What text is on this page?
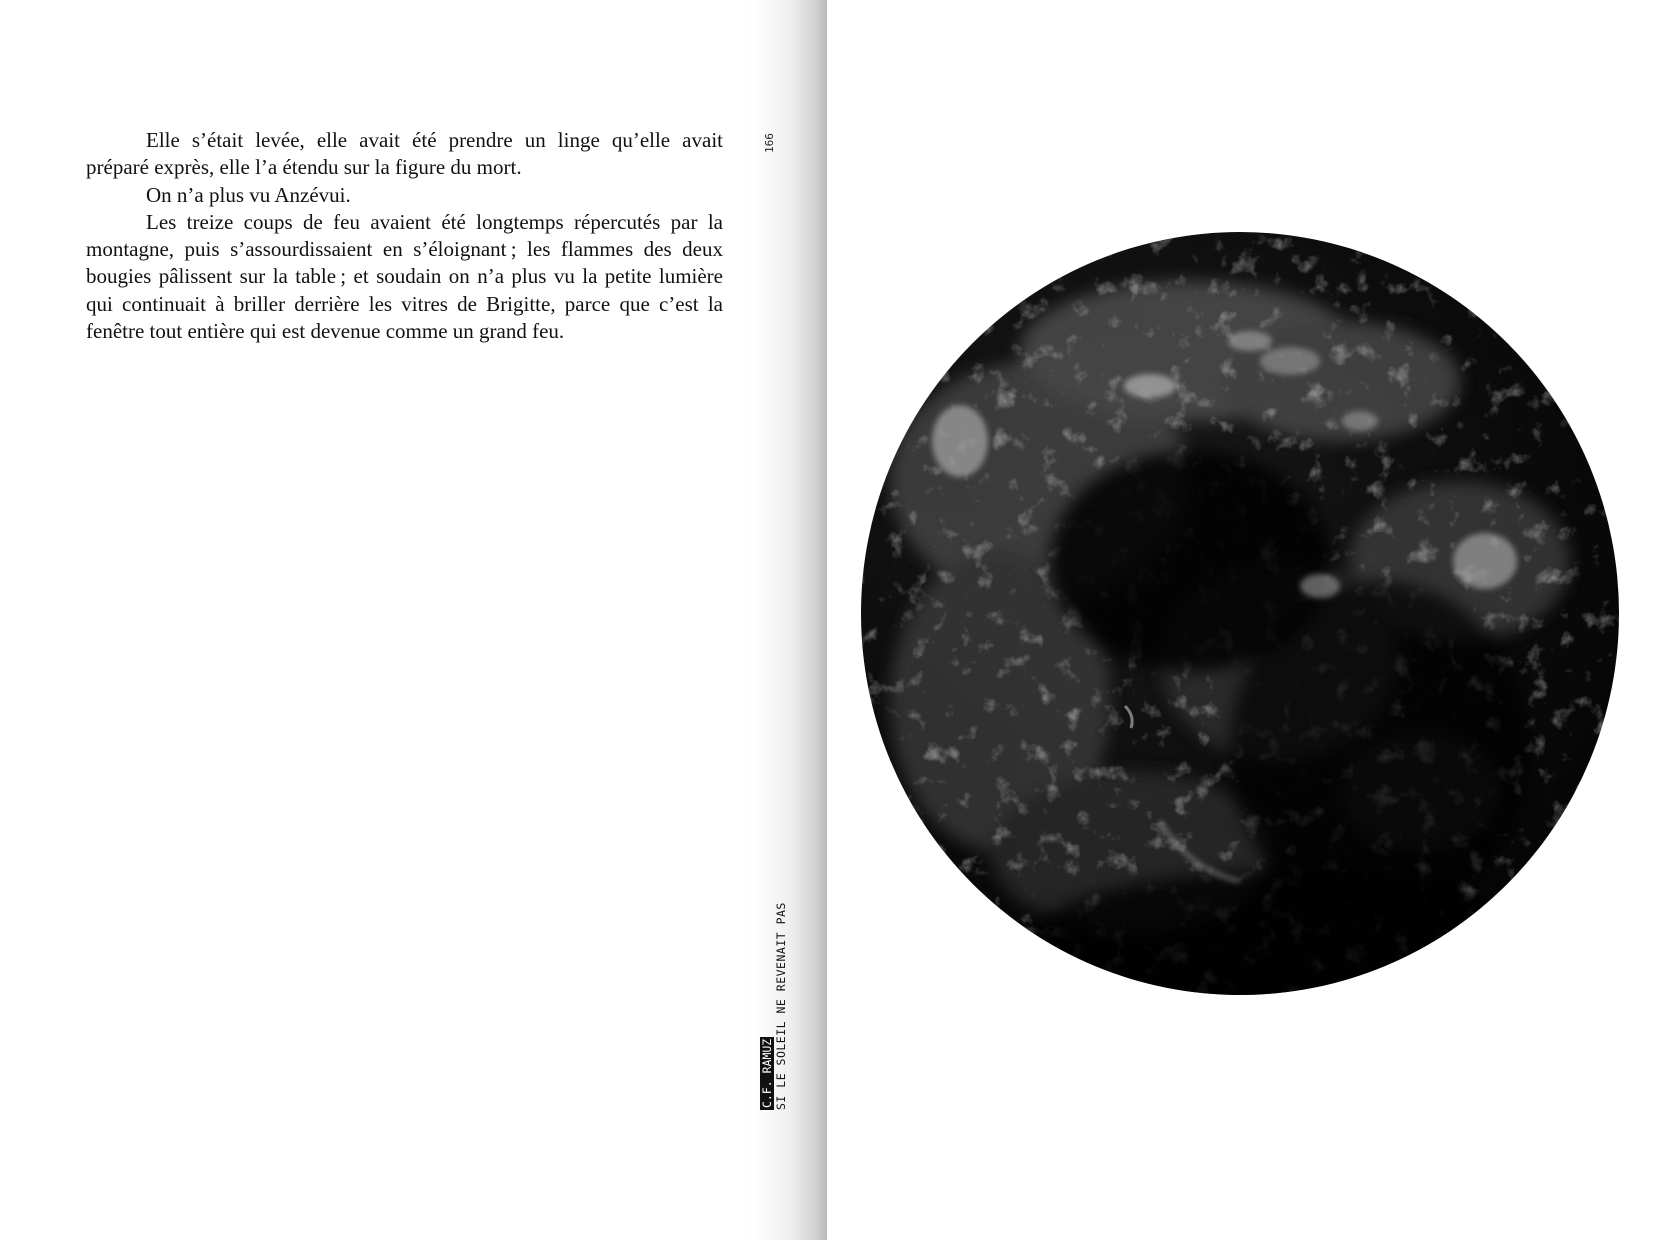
Elle s’était levée, elle avait été prendre un linge qu’elle avait préparé exprès, elle l’a étendu sur la figure du mort.

On n’a plus vu Anzévui.

Les treize coups de feu avaient été longtemps répercutés par la montagne, puis s’assourdissaient en s’éloignant ; les flammes des deux bougies pâlissent sur la table ; et soudain on n’a plus vu la petite lumière qui continuait à briller derrière les vitres de Brigitte, parce que c’est la fenêtre tout entière qui est devenue comme un grand feu.

166
C.F. RAMUZ SI LE SOLEIL NE REVENAIT PAS
